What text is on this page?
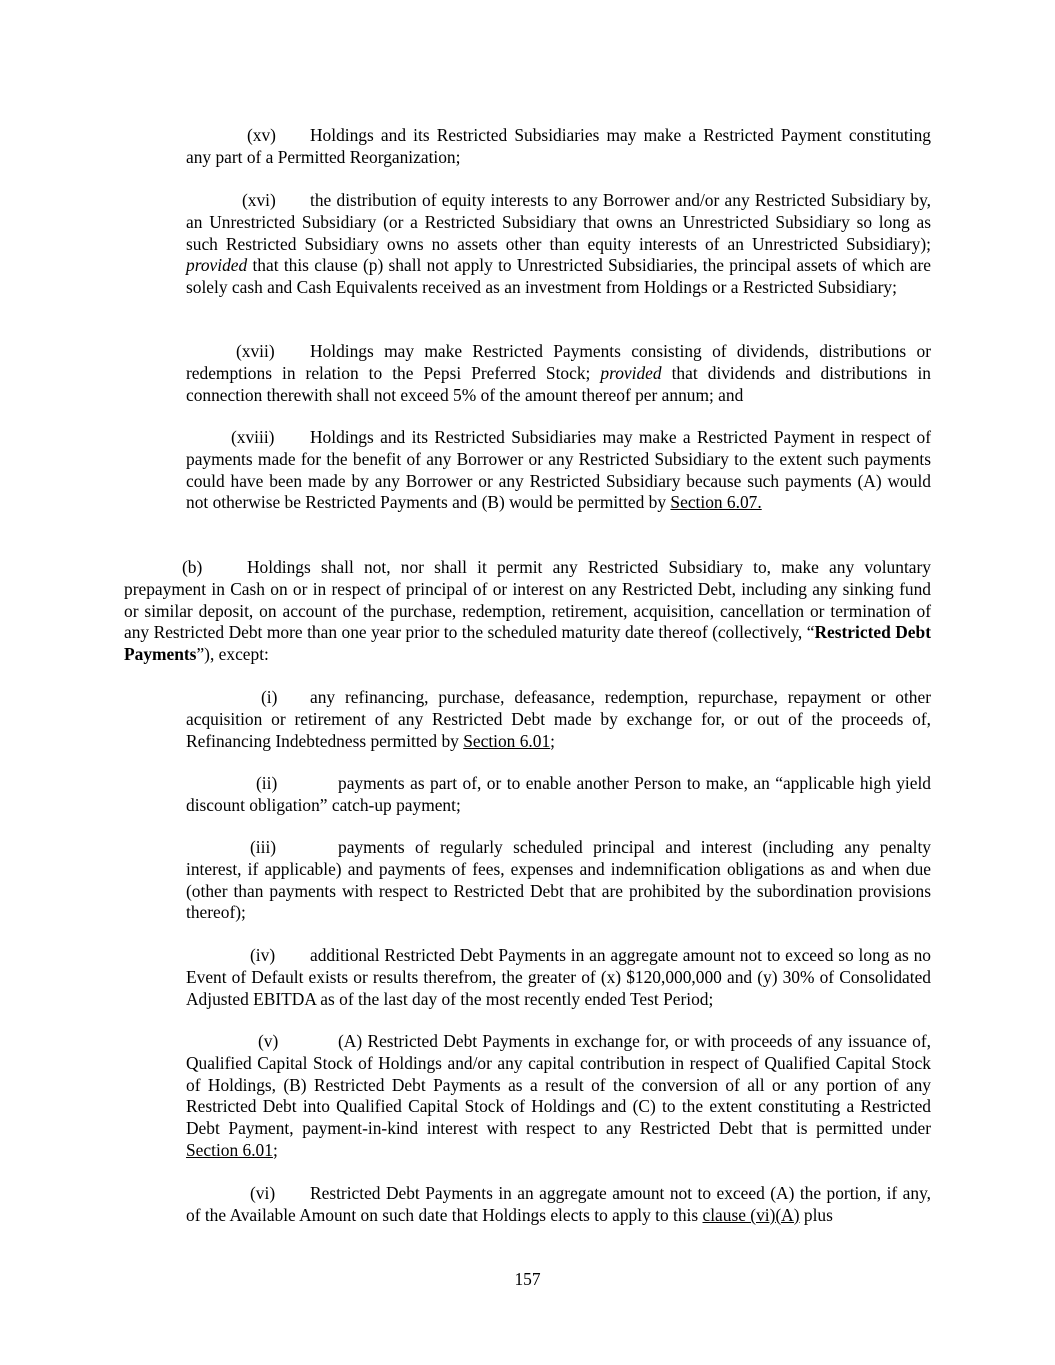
(xv) Holdings and its Restricted Subsidiaries may make a Restricted Payment constituting any part of a Permitted Reorganization;

(xvi) the distribution of equity interests to any Borrower and/or any Restricted Subsidiary by, an Unrestricted Subsidiary (or a Restricted Subsidiary that owns an Unrestricted Subsidiary so long as such Restricted Subsidiary owns no assets other than equity interests of an Unrestricted Subsidiary); provided that this clause (p) shall not apply to Unrestricted Subsidiaries, the principal assets of which are solely cash and Cash Equivalents received as an investment from Holdings or a Restricted Subsidiary;

(xvii) Holdings may make Restricted Payments consisting of dividends, distributions or redemptions in relation to the Pepsi Preferred Stock; provided that dividends and distributions in connection therewith shall not exceed 5% of the amount thereof per annum; and

(xviii) Holdings and its Restricted Subsidiaries may make a Restricted Payment in respect of payments made for the benefit of any Borrower or any Restricted Subsidiary to the extent such payments could have been made by any Borrower or any Restricted Subsidiary because such payments (A) would not otherwise be Restricted Payments and (B) would be permitted by Section 6.07.

(b)	Holdings shall not, nor shall it permit any Restricted Subsidiary to, make any voluntary prepayment in Cash on or in respect of principal of or interest on any Restricted Debt, including any sinking fund or similar deposit, on account of the purchase, redemption, retirement, acquisition, cancellation or termination of any Restricted Debt more than one year prior to the scheduled maturity date thereof (collectively, “Restricted Debt Payments”), except:

(i) any refinancing, purchase, defeasance, redemption, repurchase, repayment or other acquisition or retirement of any Restricted Debt made by exchange for, or out of the proceeds of, Refinancing Indebtedness permitted by Section 6.01;

(ii)	payments as part of, or to enable another Person to make, an “applicable high yield discount obligation” catch-up payment;

(iii)	payments of regularly scheduled principal and interest (including any penalty interest, if applicable) and payments of fees, expenses and indemnification obligations as and when due (other than payments with respect to Restricted Debt that are prohibited by the subordination provisions thereof);

(iv) additional Restricted Debt Payments in an aggregate amount not to exceed so long as no Event of Default exists or results therefrom, the greater of (x) $120,000,000 and (y) 30% of Consolidated Adjusted EBITDA as of the last day of the most recently ended Test Period;

(v)	(A) Restricted Debt Payments in exchange for, or with proceeds of any issuance of, Qualified Capital Stock of Holdings and/or any capital contribution in respect of Qualified Capital Stock of Holdings, (B) Restricted Debt Payments as a result of the conversion of all or any portion of any Restricted Debt into Qualified Capital Stock of Holdings and (C) to the extent constituting a Restricted Debt Payment, payment-in-kind interest with respect to any Restricted Debt that is permitted under Section 6.01;

(vi) Restricted Debt Payments in an aggregate amount not to exceed (A) the portion, if any, of the Available Amount on such date that Holdings elects to apply to this clause (vi)(A) plus

157
